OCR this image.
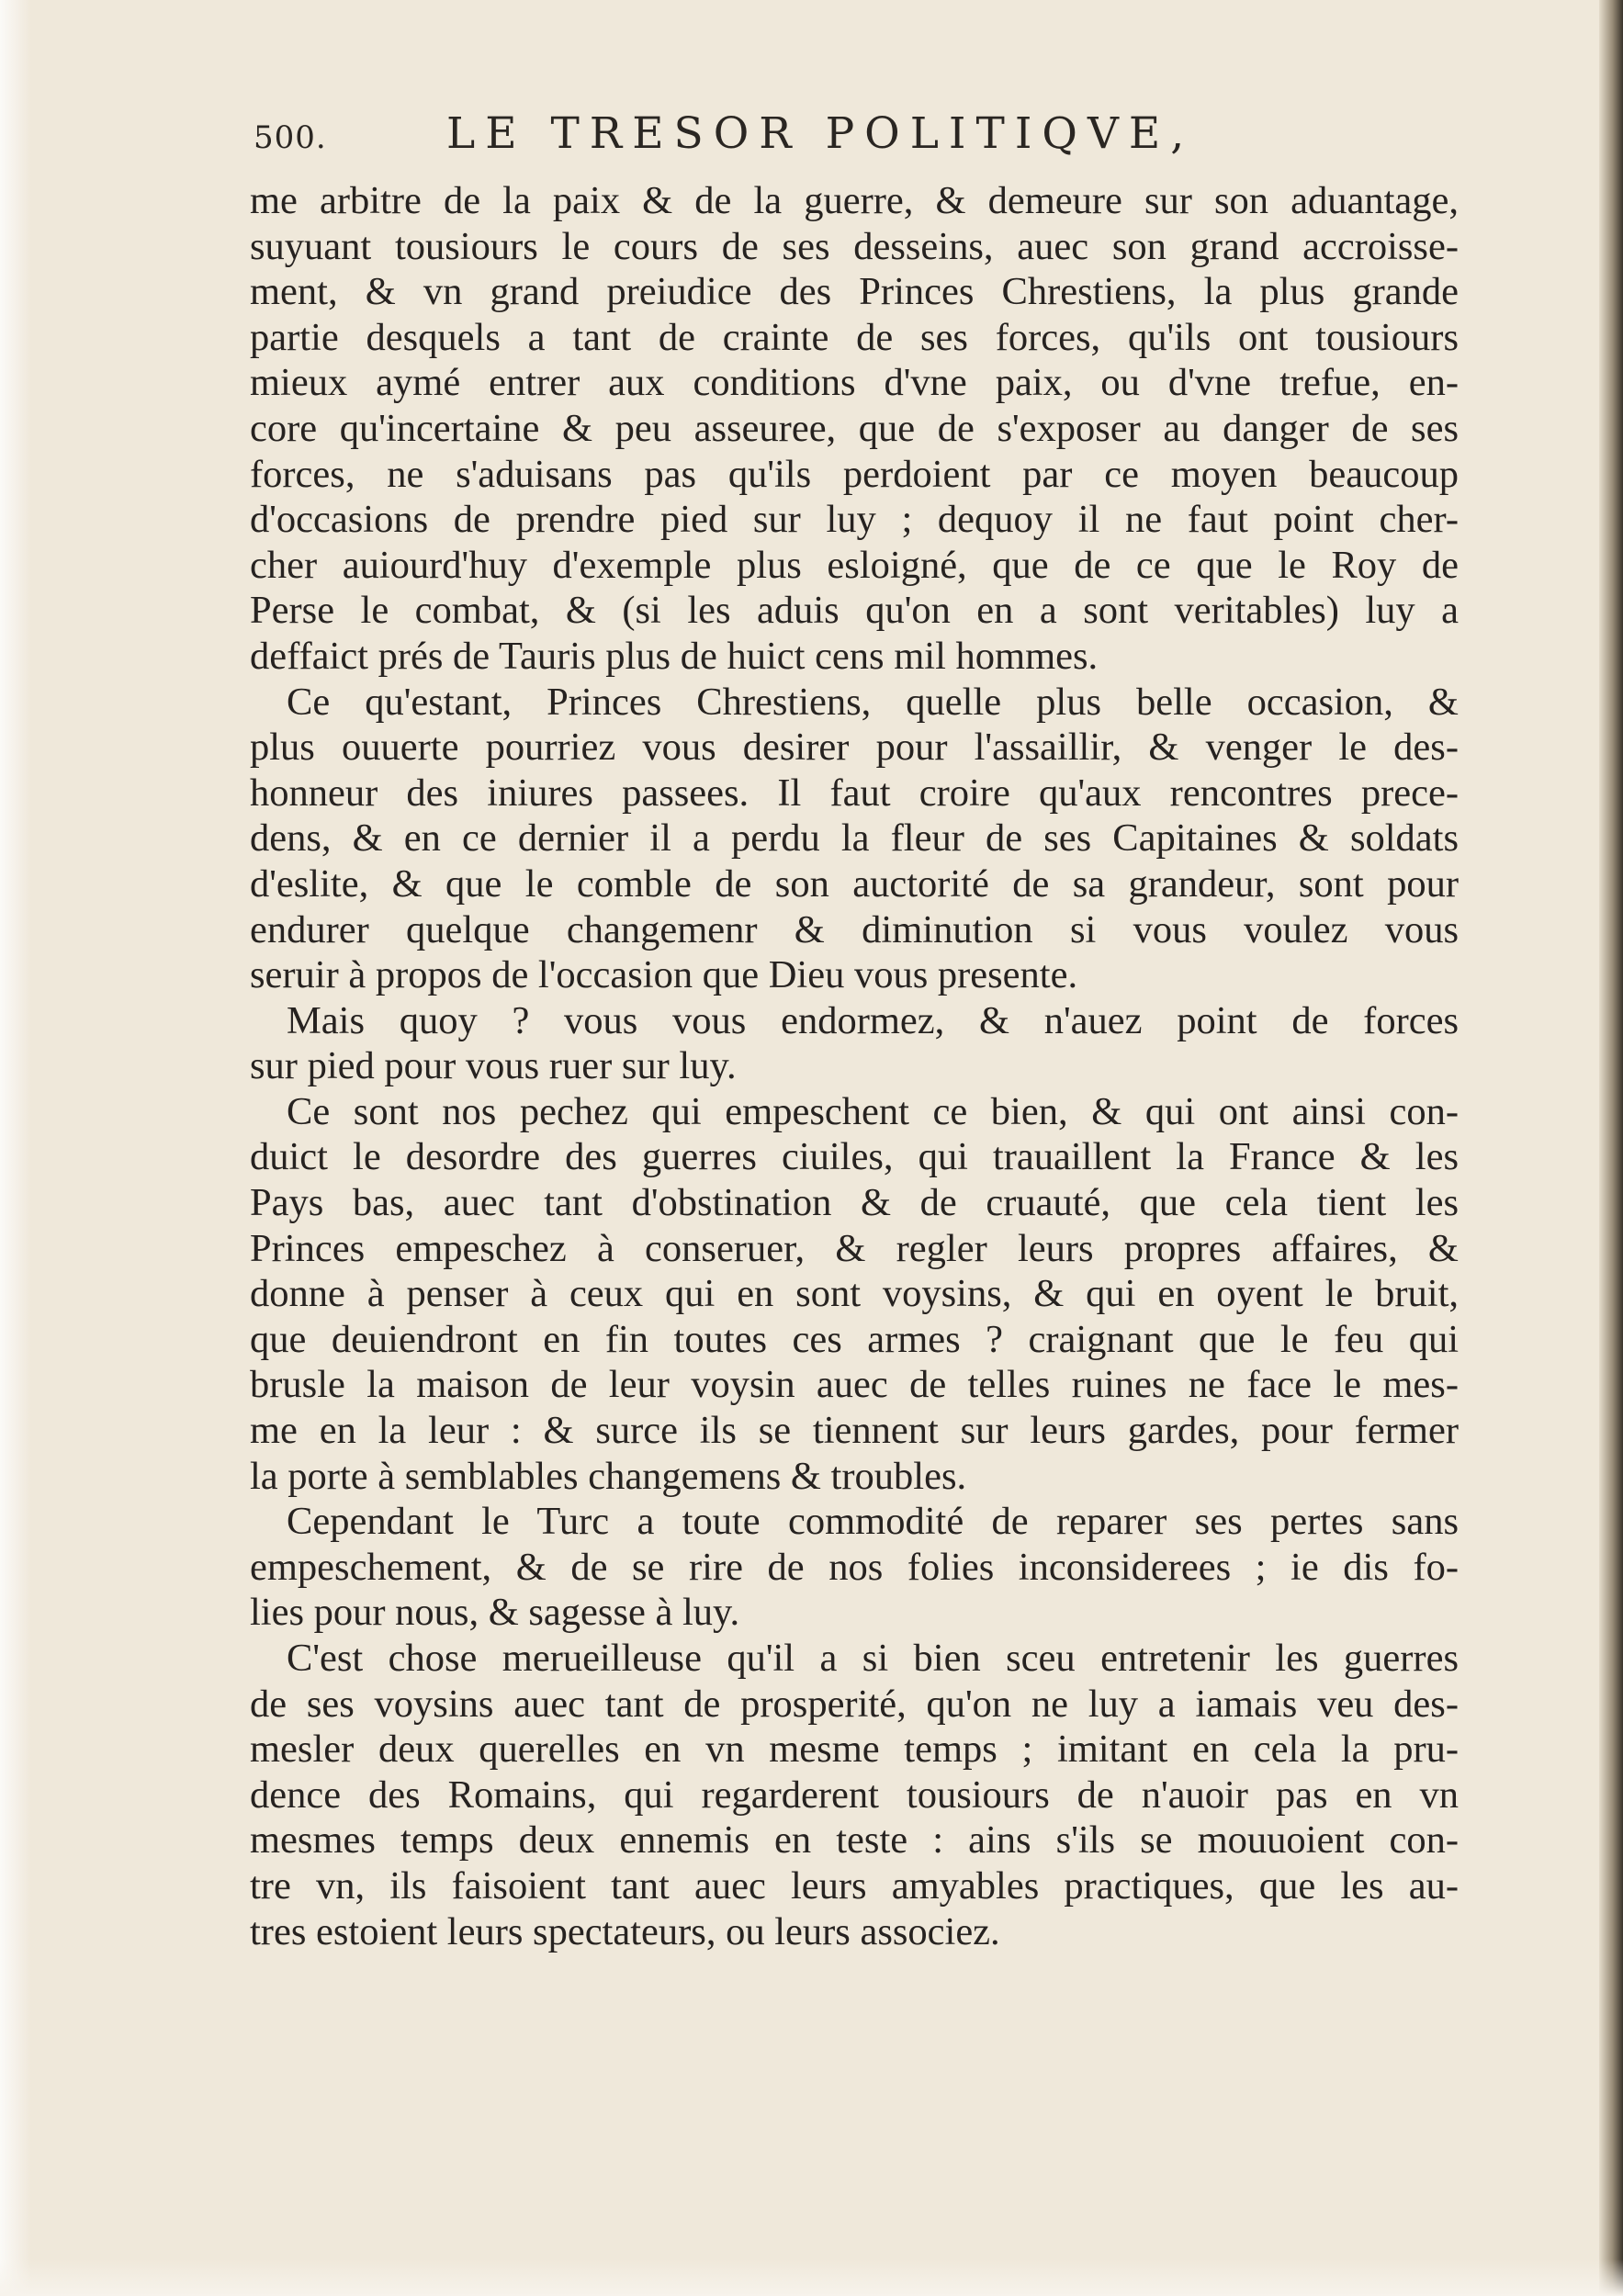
500.	LE TRESOR POLITIQVE,
me arbitre de la paix & de la guerre, & demeure sur son aduantage,
suyuant tousiours le cours de ses desseins, auec son grand accroisse-
ment, & vn grand preiudice des Princes Chrestiens, la plus grande
partie desquels a tant de crainte de ses forces, qu'ils ont tousiours
mieux aymé entrer aux conditions d'vne paix, ou d'vne trefue, en-
core qu'incertaine & peu asseuree, que de s'exposer au danger de ses
forces, ne s'aduisans pas qu'ils perdoient par ce moyen beaucoup
d'occasions de prendre pied sur luy ; dequoy il ne faut point cher-
cher auiourd'huy d'exemple plus esloigné, que de ce que le Roy de
Perse le combat, & (si les aduis qu'on en a sont veritables) luy a
deffaict prés de Tauris plus de huict cens mil hommes.
Ce qu'estant, Princes Chrestiens, quelle plus belle occasion, &
plus ouuerte pourriez vous desirer pour l'assaillir, & venger le des-
honneur des iniures passees. Il faut croire qu'aux rencontres prece-
dens, & en ce dernier il a perdu la fleur de ses Capitaines & soldats
d'eslite, & que le comble de son auctorité de sa grandeur, sont pour
endurer quelque changemenr & diminution si vous voulez vous
seruir à propos de l'occasion que Dieu vous presente.
Mais quoy ? vous vous endormez, & n'auez point de forces
sur pied pour vous ruer sur luy.
Ce sont nos pechez qui empeschent ce bien, & qui ont ainsi con-
duict le desordre des guerres ciuiles, qui trauaillent la France & les
Pays bas, auec tant d'obstination & de cruauté, que cela tient les
Princes empeschez à conseruer, & regler leurs propres affaires, &
donne à penser à ceux qui en sont voysins, & qui en oyent le bruit,
que deuiendront en fin toutes ces armes ? craignant que le feu qui
brusle la maison de leur voysin auec de telles ruines ne face le mes-
me en la leur : & surce ils se tiennent sur leurs gardes, pour fermer
la porte à semblables changemens & troubles.
Cependant le Turc a toute commodité de reparer ses pertes sans
empeschement, & de se rire de nos folies inconsiderees ; ie dis fo-
lies pour nous, & sagesse à luy.
C'est chose merueilleuse qu'il a si bien sceu entretenir les guerres
de ses voysins auec tant de prosperité, qu'on ne luy a iamais veu des-
mesler deux querelles en vn mesme temps ; imitant en cela la pru-
dence des Romains, qui regarderent tousiours de n'auoir pas en vn
mesmes temps deux ennemis en teste : ains s'ils se mouuoient con-
tre vn, ils faisoient tant auec leurs amyables practiques, que les au-
tres estoient leurs spectateurs, ou leurs associez.
